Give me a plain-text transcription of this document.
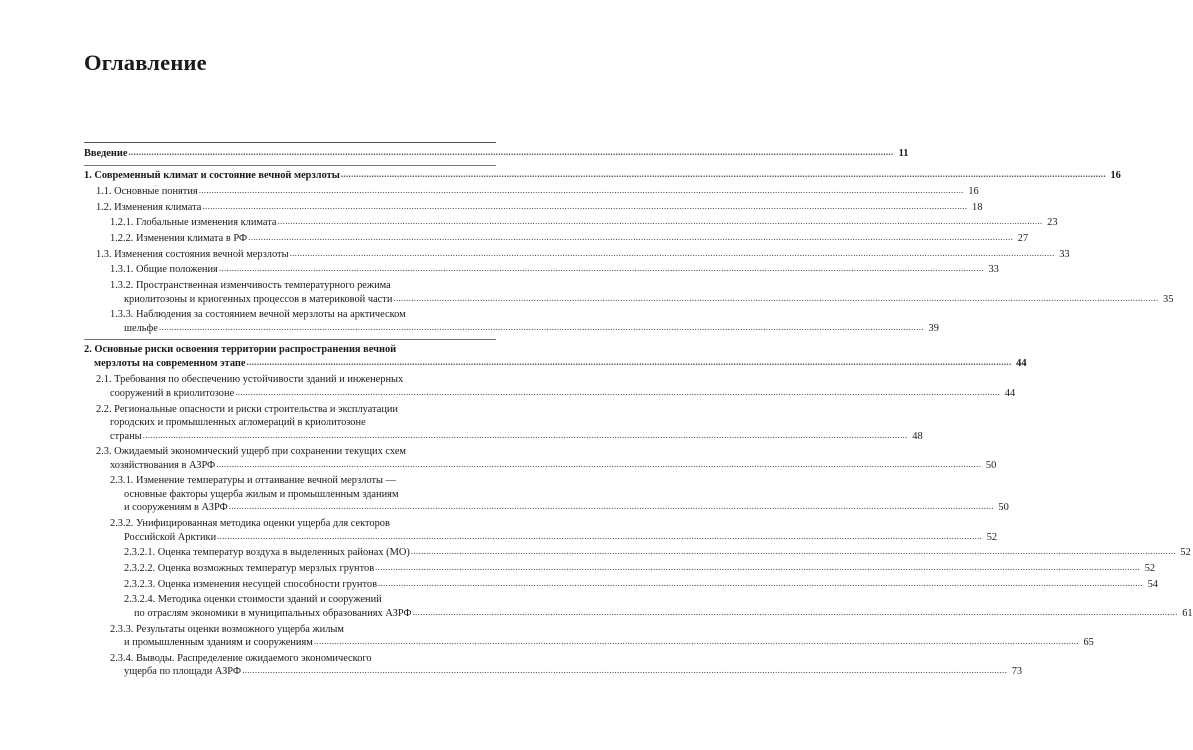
Оглавление
Введение ............................................................................................................................................................................................................................................................................................................ 11
1. Современный климат и состояние вечной мерзлоты ............................................................................................................................................................................................................................................................................................................ 16
1.1. Основные понятия ............................................................................................................................................................................................................................................................................................................ 16
1.2. Изменения климата ............................................................................................................................................................................................................................................................................................................ 18
1.2.1. Глобальные изменения климата ............................................................................................................................................................................................................................................................................................................ 23
1.2.2. Изменения климата в РФ ............................................................................................................................................................................................................................................................................................................ 27
1.3. Изменения состояния вечной мерзлоты ............................................................................................................................................................................................................................................................................................................ 33
1.3.1. Общие положения ............................................................................................................................................................................................................................................................................................................ 33
1.3.2. Пространственная изменчивость температурного режима
криолитозоны и криогенных процессов в материковой части ............................................................................................................................................................................................................................................................................................................ 35
1.3.3. Наблюдения за состоянием вечной мерзлоты на арктическом
шельфе ............................................................................................................................................................................................................................................................................................................ 39
2. Основные риски освоения территории распространения вечной
мерзлоты на современном этапе ............................................................................................................................................................................................................................................................................................................ 44
2.1. Требования по обеспечению устойчивости зданий и инженерных
сооружений в криолитозоне ............................................................................................................................................................................................................................................................................................................ 44
2.2. Региональные опасности и риски строительства и эксплуатации
городских и промышленных агломераций в криолитозоне
страны ............................................................................................................................................................................................................................................................................................................ 48
2.3. Ожидаемый экономический ущерб при сохранении текущих схем
хозяйствования в АЗРФ ............................................................................................................................................................................................................................................................................................................ 50
2.3.1. Изменение температуры и оттаивание вечной мерзлоты —
основные факторы ущерба жилым и промышленным зданиям
и сооружениям в АЗРФ ............................................................................................................................................................................................................................................................................................................ 50
2.3.2. Унифицированная методика оценки ущерба для секторов
Российской Арктики ............................................................................................................................................................................................................................................................................................................ 52
2.3.2.1. Оценка температур воздуха в выделенных районах (МО) ............................................................................................................................................................................................................................................................................................................ 52
2.3.2.2. Оценка возможных температур мерзлых грунтов ............................................................................................................................................................................................................................................................................................................ 52
2.3.2.3. Оценка изменения несущей способности грунтов ............................................................................................................................................................................................................................................................................................................ 54
2.3.2.4. Методика оценки стоимости зданий и сооружений
по отраслям экономики в муниципальных образованиях АЗРФ ............................................................................................................................................................................................................................................................................................................ 61
2.3.3. Результаты оценки возможного ущерба жилым
и промышленным зданиям и сооружениям ............................................................................................................................................................................................................................................................................................................ 65
2.3.4. Выводы. Распределение ожидаемого экономического
ущерба по площади АЗРФ ............................................................................................................................................................................................................................................................................................................ 73
